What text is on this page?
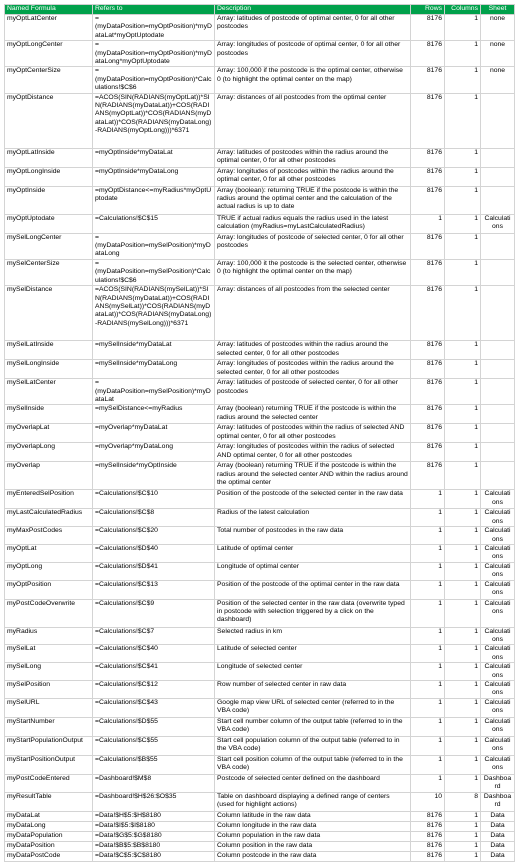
Named Formula	Refers to	Description	Rows	Columns	Sheet
myOptLatCenter	=(myDataPosition=myOptPosition)*myDataLat*myOptUptodate	Array: latitudes of postcode of optimal center, 0 for all other postcodes	8176	1	none
myOptLongCenter	=(myDataPosition=myOptPosition)*myDataLong*myOptUptodate	Array: longitudes of postcode of optimal center, 0 for all other postcodes	8176	1	none
myOptCenterSize	=(myDataPosition=myOptPosition)*Calculations!$C$6	Array: 100,000 if the postcode is the optimal center, otherwise 0 (to highlight the optimal center on the map)	8176	1	none
myOptDistance	=ACOS(SIN(RADIANS(myOptLat))*SIN(RADIANS(myDataLat))+COS(RADIANS(myOptLat))*COS(RADIANS(myDataLat))*COS(RADIANS(myDataLong)-RADIANS(myOptLong)))*6371	Array: distances of all postcodes from the optimal center	8176	1	
myOptLatInside	=myOptInside*myDataLat	Array: latitudes of postcodes within the radius around the optimal center, 0 for all other postcodes	8176	1	
myOptLongInside	=myOptInside*myDataLong	Array: longitudes of postcodes within the radius around the optimal center, 0 for all other postcodes	8176	1	
myOptInside	=myOptDistance<=myRadius*myOptUptodate	Array (boolean): returning TRUE if the postcode is within the radius around the optimal center and the calculation of the actual radius is up to date	8176	1	
myOptUptodate	=Calculations!$C$15	TRUE if actual radius equals the radius used in the latest calculation (myRadius=myLastCalculatedRadius)	1	1	Calculations
mySelLongCenter	=(myDataPosition=mySelPosition)*myDataLong	Array: longitudes of postcode of selected center, 0 for all other postcodes	8176	1	
mySelCenterSize	=(myDataPosition=mySelPosition)*Calculations!$C$6	Array: 100,000 it the postcode is the selected center, otherwise 0 (to highlight the optimal center on the map)	8176	1	
mySelDistance	=ACOS(SIN(RADIANS(mySelLat))*SIN(RADIANS(myDataLat))+COS(RADIANS(mySelLat))*COS(RADIANS(myDataLat))*COS(RADIANS(myDataLong)-RADIANS(mySelLong)))*6371	Array: distances of all postcodes from the selected center	8176	1	
mySelLatInside	=mySelInside*myDataLat	Array: latitudes of postcodes within the radius around the selected center, 0 for all other postcodes	8176	1	
mySelLongInside	=mySelInside*myDataLong	Array: longitudes of postcodes within the radius around the selected center, 0 for all other postcodes	8176	1	
mySelLatCenter	=(myDataPosition=mySelPosition)*myDataLat	Array: latitudes of postcode of selected center, 0 for all other postcodes	8176	1	
mySelInside	=mySelDistance<=myRadius	Array (boolean) returning TRUE if the postcode is within the radius around the selected center	8176	1	
myOverlapLat	=myOverlap*myDataLat	Array: latitudes of postcodes within the radius of selected AND optimal center, 0 for all other postcodes	8176	1	
myOverlapLong	=myOverlap*myDataLong	Array: longitudes of postcodes within the radius of selected AND optimal center, 0 for all other postcodes	8176	1	
myOverlap	=mySelInside*myOptInside	Array (boolean) returning TRUE if the postcode is within the radius around the selected center AND within the radius around the optimal center	8176	1	
myEnteredSelPosition	=Calculations!$C$10	Position of the postcode of the selected center in the raw data	1	1	Calculations
myLastCalculatedRadius	=Calculations!$C$8	Radius of the latest calculation	1	1	Calculations
myMaxPostCodes	=Calculations!$C$20	Total number of postcodes in the raw data	1	1	Calculations
myOptLat	=Calculations!$D$40	Latitude of optimal center	1	1	Calculations
myOptLong	=Calculations!$D$41	Longitude of optimal center	1	1	Calculations
myOptPosition	=Calculations!$C$13	Position of the postcode of the optimal center in the raw data	1	1	Calculations
myPostCodeOverwrite	=Calculations!$C$9	Position of the selected center in the raw data (overwrite typed in postcode with selection triggered by a click on the dashboard)	1	1	Calculations
myRadius	=Calculations!$C$7	Selected radius in km	1	1	Calculations
mySelLat	=Calculations!$C$40	Latitude of selected center	1	1	Calculations
mySelLong	=Calculations!$C$41	Longitude of selected center	1	1	Calculations
mySelPosition	=Calculations!$C$12	Row number of selected center in raw data	1	1	Calculations
mySelURL	=Calculations!$C$43	Google map view URL of selected center (referred to in the VBA code)	1	1	Calculations
myStartNumber	=Calculations!$D$55	Start cell number column of the output table (referred to in the VBA code)	1	1	Calculations
myStartPopulationOutput	=Calculations!$C$55	Start cell population column of the output table (referred to in the VBA code)	1	1	Calculations
myStartPositionOutput	=Calculations!$B$55	Start cell position column of the output table (referred to in the VBA code)	1	1	Calculations
myPostCodeEntered	=Dashboard!$M$8	Postcode of selected center defined on the dashboard	1	1	Dashboard
myResultTable	=Dashboard!$H$26:$O$35	Table on dashboard displaying a defined range of centers (used for highlight actions)	10	8	Dashboard
myDataLat	=Data!$H$5:$H$8180	Column latitude in the raw data	8176	1	Data
myDataLong	=Data!$I$5:$I$8180	Column longitude in the raw data	8176	1	Data
myDataPopulation	=Data!$G$5:$G$8180	Column population in the raw data	8176	1	Data
myDataPosition	=Data!$B$5:$B$8180	Column position in the raw data	8176	1	Data
myDataPostCode	=Data!$C$5:$C$8180	Column postcode in the raw data	8176	1	Data
